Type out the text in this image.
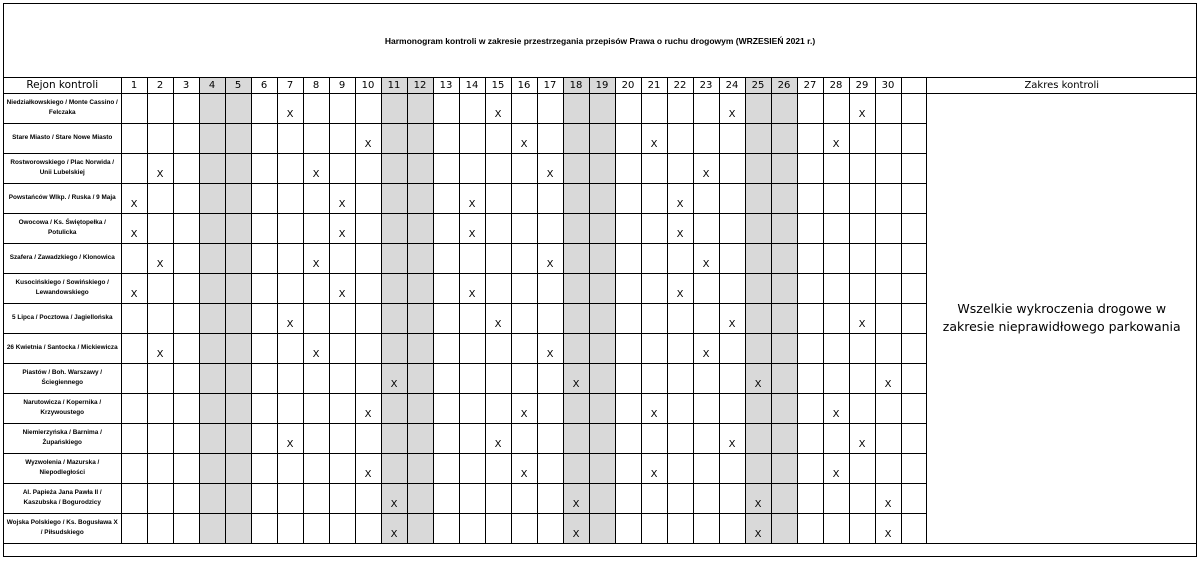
Harmonogram kontroli w zakresie przestrzegania przepisów Prawa o ruchu drogowym (WRZESIEŃ 2021 r.)
Rejon kontroli	1	2	3	4	5	6	7	8	9	10	11	12	13	14	15	16	17	18	19	20	21	22	23	24	25	26	27	28	29	30		Zakres kontroli
Niedziałkowskiego / Monte Cassino / Felczaka							X								X									X					X			Wszelkie wykroczenia drogowe w zakresie nieprawidłowego parkowania
Stare Miasto / Stare Nowe Miasto										X						X					X							X				
Rostworowskiego / Plac Norwida / Unii Lubelskiej		X						X									X						X									
Powstańców Wlkp. / Ruska / 9 Maja	X								X					X								X										
Owocowa / Ks. Świętopełka / Potulicka	X								X					X								X										
Szafera / Zawadzkiego / Klonowica		X						X									X						X									
Kusocińskiego / Sowińskiego / Lewandowskiego	X								X					X								X										
5 Lipca / Pocztowa / Jagiellońska							X								X									X					X			
26 Kwietnia / Santocka / Mickiewicza		X						X									X						X									
Piastów / Boh. Warszawy / Ściegiennego											X							X							X					X		
Narutowicza / Kopernika / Krzywoustego										X						X					X							X				
Niemierzyńska / Barnima / Żupańskiego							X								X									X					X			
Wyzwolenia / Mazurska / Niepodległości										X						X					X							X				
Al. Papieża Jana Pawła II / Kaszubska / Bogurodzicy											X							X							X					X		
Wojska Polskiego / Ks. Bogusława X / Piłsudskiego											X							X							X					X		
